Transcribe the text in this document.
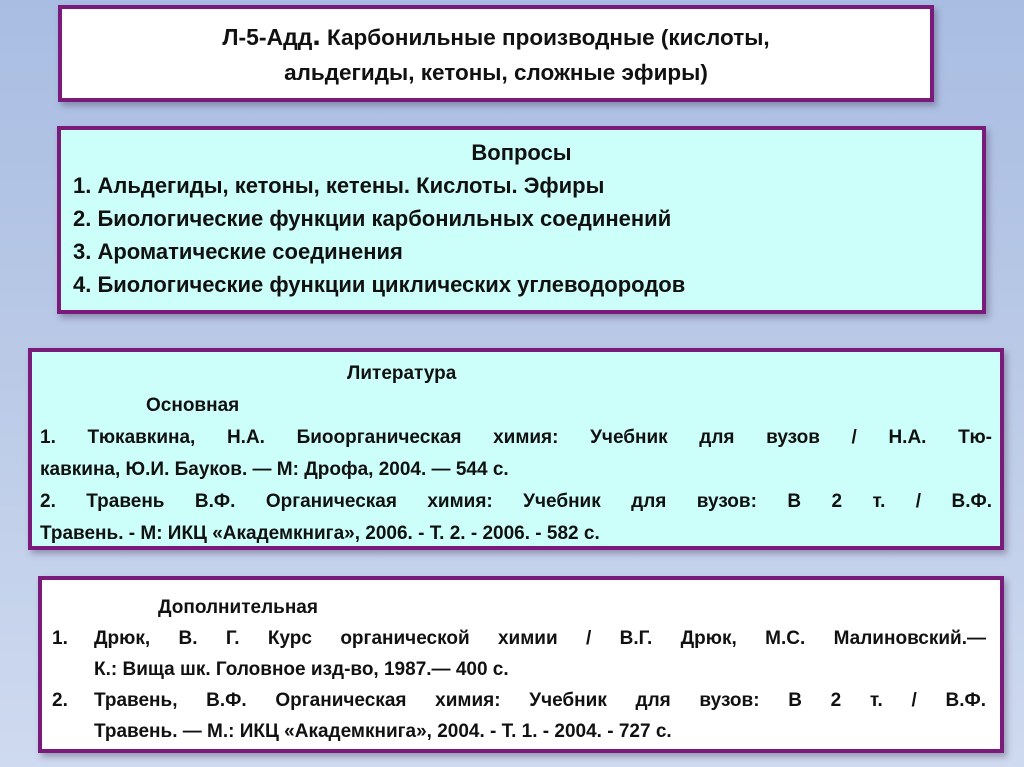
Л-5-Адд. Карбонильные производные (кислоты,
альдегиды, кетоны, сложные эфиры)
Вопросы
1. Альдегиды, кетоны, кетены. Кислоты. Эфиры
2. Биологические функции карбонильных соединений
3. Ароматические соединения
4. Биологические функции циклических углеводородов
Литература
Основная
1. Тюкавкина, Н.А. Биоорганическая химия: Учебник для вузов / Н.А. Тю-
кавкина, Ю.И. Бауков. — М: Дрофа, 2004. — 544 с.
2. Травень В.Ф. Органическая химия: Учебник для вузов: В 2 т. / В.Ф.
Травень. - М: ИКЦ «Академкнига», 2006. - Т. 2. - 2006. - 582 с.
Дополнительная
1.	Дрюк, В. Г. Курс органической химии / В.Г. Дрюк, М.С. Малиновский.—
К.: Вища шк. Головное изд-во, 1987.— 400 с.
2.	Травень, В.Ф. Органическая химия: Учебник для вузов: В 2 т. / В.Ф.
Травень. — М.: ИКЦ «Академкнига», 2004. - Т. 1. - 2004. - 727 с.
